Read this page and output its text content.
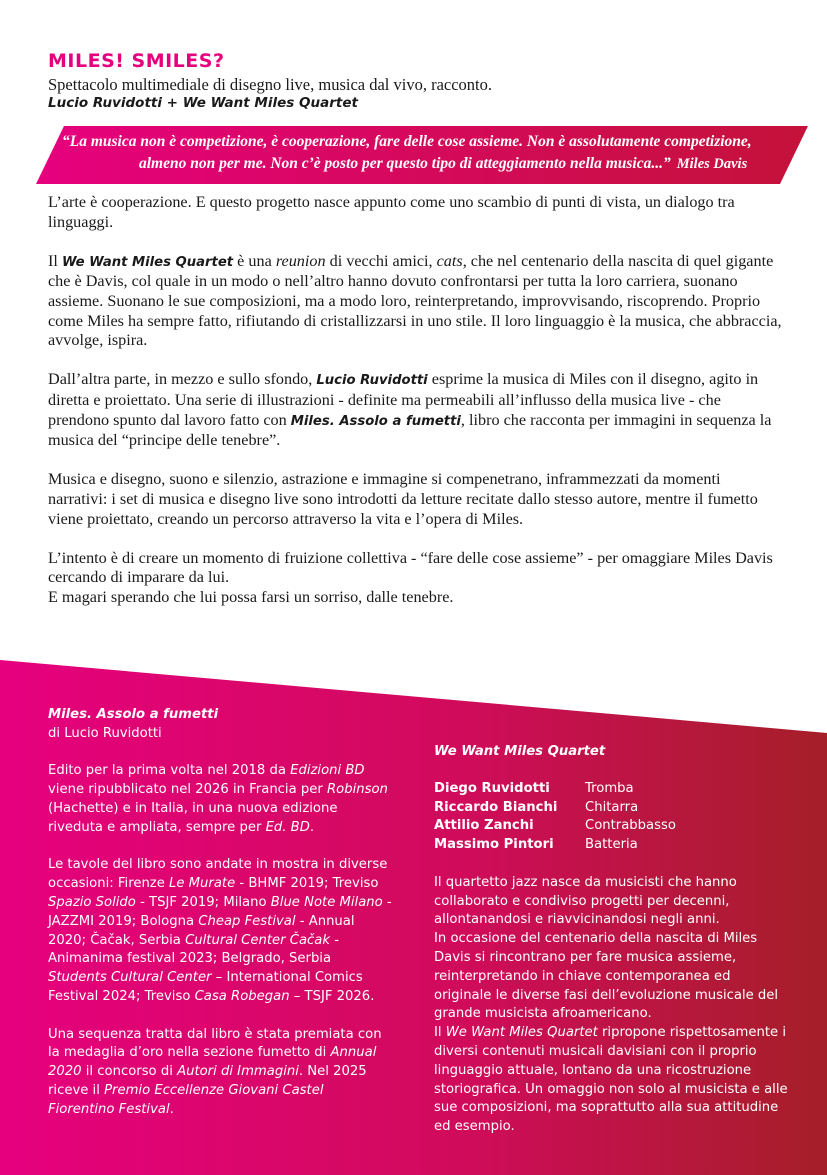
MILES! SMILES?
Spettacolo multimediale di disegno live, musica dal vivo, racconto.
Lucio Ruvidotti + We Want Miles Quartet
“La musica non è competizione, è cooperazione, fare delle cose assieme. Non è assolutamente competizione,
almeno non per me. Non c’è posto per questo tipo di atteggiamento nella musica...” Miles Davis

L’arte è cooperazione. E questo progetto nasce appunto come uno scambio di punti di vista, un dialogo tra linguaggi.

Il We Want Miles Quartet è una reunion di vecchi amici, cats, che nel centenario della nascita di quel gigante che è Davis, col quale in un modo o nell’altro hanno dovuto confrontarsi per tutta la loro carriera, suonano assieme. Suonano le sue composizioni, ma a modo loro, reinterpretando, improvvisando, riscoprendo. Proprio come Miles ha sempre fatto, rifiutando di cristallizzarsi in uno stile. Il loro linguaggio è la musica, che abbraccia, avvolge, ispira.

Dall’altra parte, in mezzo e sullo sfondo, Lucio Ruvidotti esprime la musica di Miles con il disegno, agito in diretta e proiettato. Una serie di illustrazioni - definite ma permeabili all’influsso della musica live - che prendono spunto dal lavoro fatto con Miles. Assolo a fumetti, libro che racconta per immagini in sequenza la musica del “principe delle tenebre”.

Musica e disegno, suono e silenzio, astrazione e immagine si compenetrano, inframmezzati da momenti narrativi: i set di musica e disegno live sono introdotti da letture recitate dallo stesso autore, mentre il fumetto viene proiettato, creando un percorso attraverso la vita e l’opera di Miles.

L’intento è di creare un momento di fruizione collettiva - “fare delle cose assieme” - per omaggiare Miles Davis cercando di imparare da lui.
E magari sperando che lui possa farsi un sorriso, dalle tenebre.

Miles. Assolo a fumetti

di Lucio Ruvidotti

Edito per la prima volta nel 2018 da Edizioni BD viene ripubblicato nel 2026 in Francia per Robinson (Hachette) e in Italia, in una nuova edizione riveduta e ampliata, sempre per Ed. BD.

Le tavole del libro sono andate in mostra in diverse occasioni: Firenze Le Murate - BHMF 2019; Treviso Spazio Solido - TSJF 2019; Milano Blue Note Milano - JAZZMI 2019; Bologna Cheap Festival - Annual 2020; Čačak, Serbia Cultural Center Čačak - Animanima festival 2023; Belgrado, Serbia Students Cultural Center – International Comics Festival 2024; Treviso Casa Robegan – TSJF 2026.

Una sequenza tratta dal libro è stata premiata con la medaglia d’oro nella sezione fumetto di Annual 2020 il concorso di Autori di Immagini. Nel 2025 riceve il Premio Eccellenze Giovani Castel Fiorentino Festival.

We Want Miles Quartet
Diego Ruvidotti	Tromba
Riccardo Bianchi	Chitarra
Attilio Zanchi	Contrabbasso
Massimo Pintori	Batteria
Il quartetto jazz nasce da musicisti che hanno collaborato e condiviso progetti per decenni, allontanandosi e riavvicinandosi negli anni.
In occasione del centenario della nascita di Miles Davis si rincontrano per fare musica assieme, reinterpretando in chiave contemporanea ed originale le diverse fasi dell’evoluzione musicale del grande musicista afroamericano.
Il We Want Miles Quartet ripropone rispettosamente i diversi contenuti musicali davisiani con il proprio linguaggio attuale, lontano da una ricostruzione storiografica. Un omaggio non solo al musicista e alle sue composizioni, ma soprattutto alla sua attitudine ed esempio.
